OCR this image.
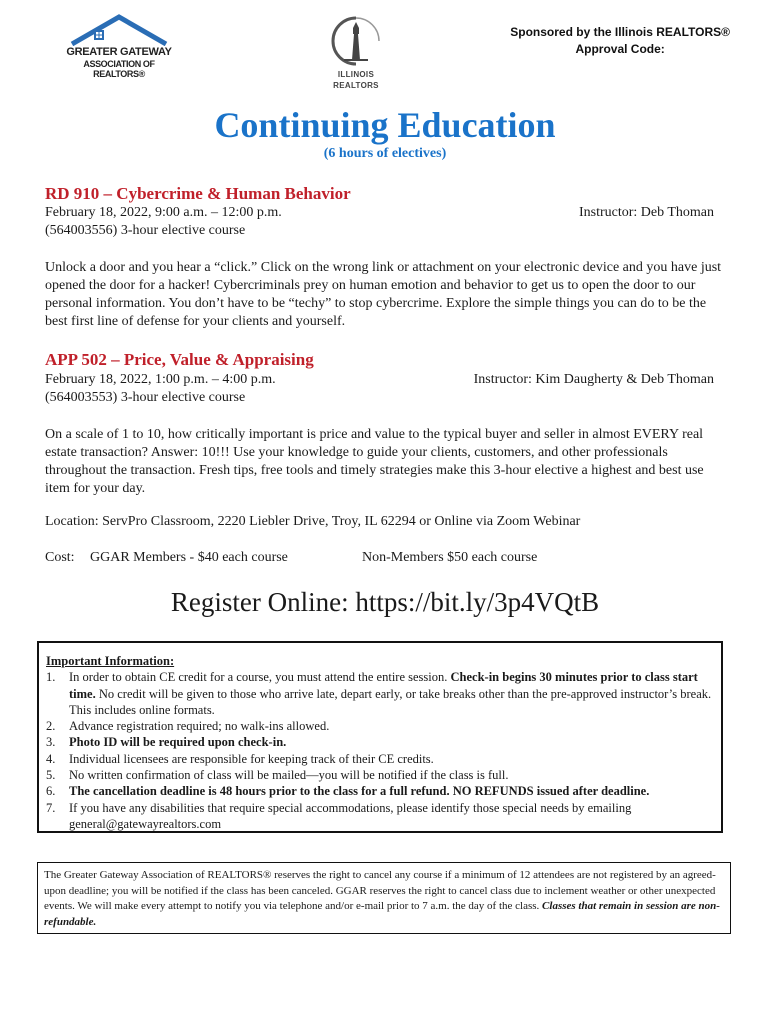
GREATER GATEWAY
ASSOCIATION OF REALTORS®	ILLINOIS
REALTORS
Sponsored by the Illinois REALTORS®
Approval Code:
Continuing Education
(6 hours of electives)
RD 910 – Cybercrime & Human Behavior
February 18, 2022, 9:00 a.m. – 12:00 p.m.	Instructor: Deb Thoman
(564003556) 3-hour elective course
Unlock a door and you hear a “click.” Click on the wrong link or attachment on your electronic device and you have just opened the door for a hacker! Cybercriminals prey on human emotion and behavior to get us to open the door to our personal information. You don’t have to be “techy” to stop cybercrime. Explore the simple things you can do to be the best first line of defense for your clients and yourself.
APP 502 – Price, Value & Appraising
February 18, 2022, 1:00 p.m. – 4:00 p.m.	Instructor: Kim Daugherty & Deb Thoman
(564003553) 3-hour elective course
On a scale of 1 to 10, how critically important is price and value to the typical buyer and seller in almost EVERY real estate transaction? Answer: 10!!! Use your knowledge to guide your clients, customers, and other professionals throughout the transaction. Fresh tips, free tools and timely strategies make this 3-hour elective a highest and best use item for your day.
Location: ServPro Classroom, 2220 Liebler Drive, Troy, IL 62294 or Online via Zoom Webinar
Cost: GGAR Members - $40 each course	Non-Members $50 each course
Register Online: https://bit.ly/3p4VQtB
Important Information:
1. In order to obtain CE credit for a course, you must attend the entire session. Check-in begins 30 minutes prior to class start time. No credit will be given to those who arrive late, depart early, or take breaks other than the pre-approved instructor’s break. This includes online formats.
2. Advance registration required; no walk-ins allowed.
3. Photo ID will be required upon check-in.
4. Individual licensees are responsible for keeping track of their CE credits.
5. No written confirmation of class will be mailed—you will be notified if the class is full.
6. The cancellation deadline is 48 hours prior to the class for a full refund. NO REFUNDS issued after deadline.
7. If you have any disabilities that require special accommodations, please identify those special needs by emailing general@gatewayrealtors.com
The Greater Gateway Association of REALTORS® reserves the right to cancel any course if a minimum of 12 attendees are not registered by an agreed-upon deadline; you will be notified if the class has been canceled. GGAR reserves the right to cancel class due to inclement weather or other unexpected events. We will make every attempt to notify you via telephone and/or e-mail prior to 7 a.m. the day of the class. Classes that remain in session are non-refundable.
